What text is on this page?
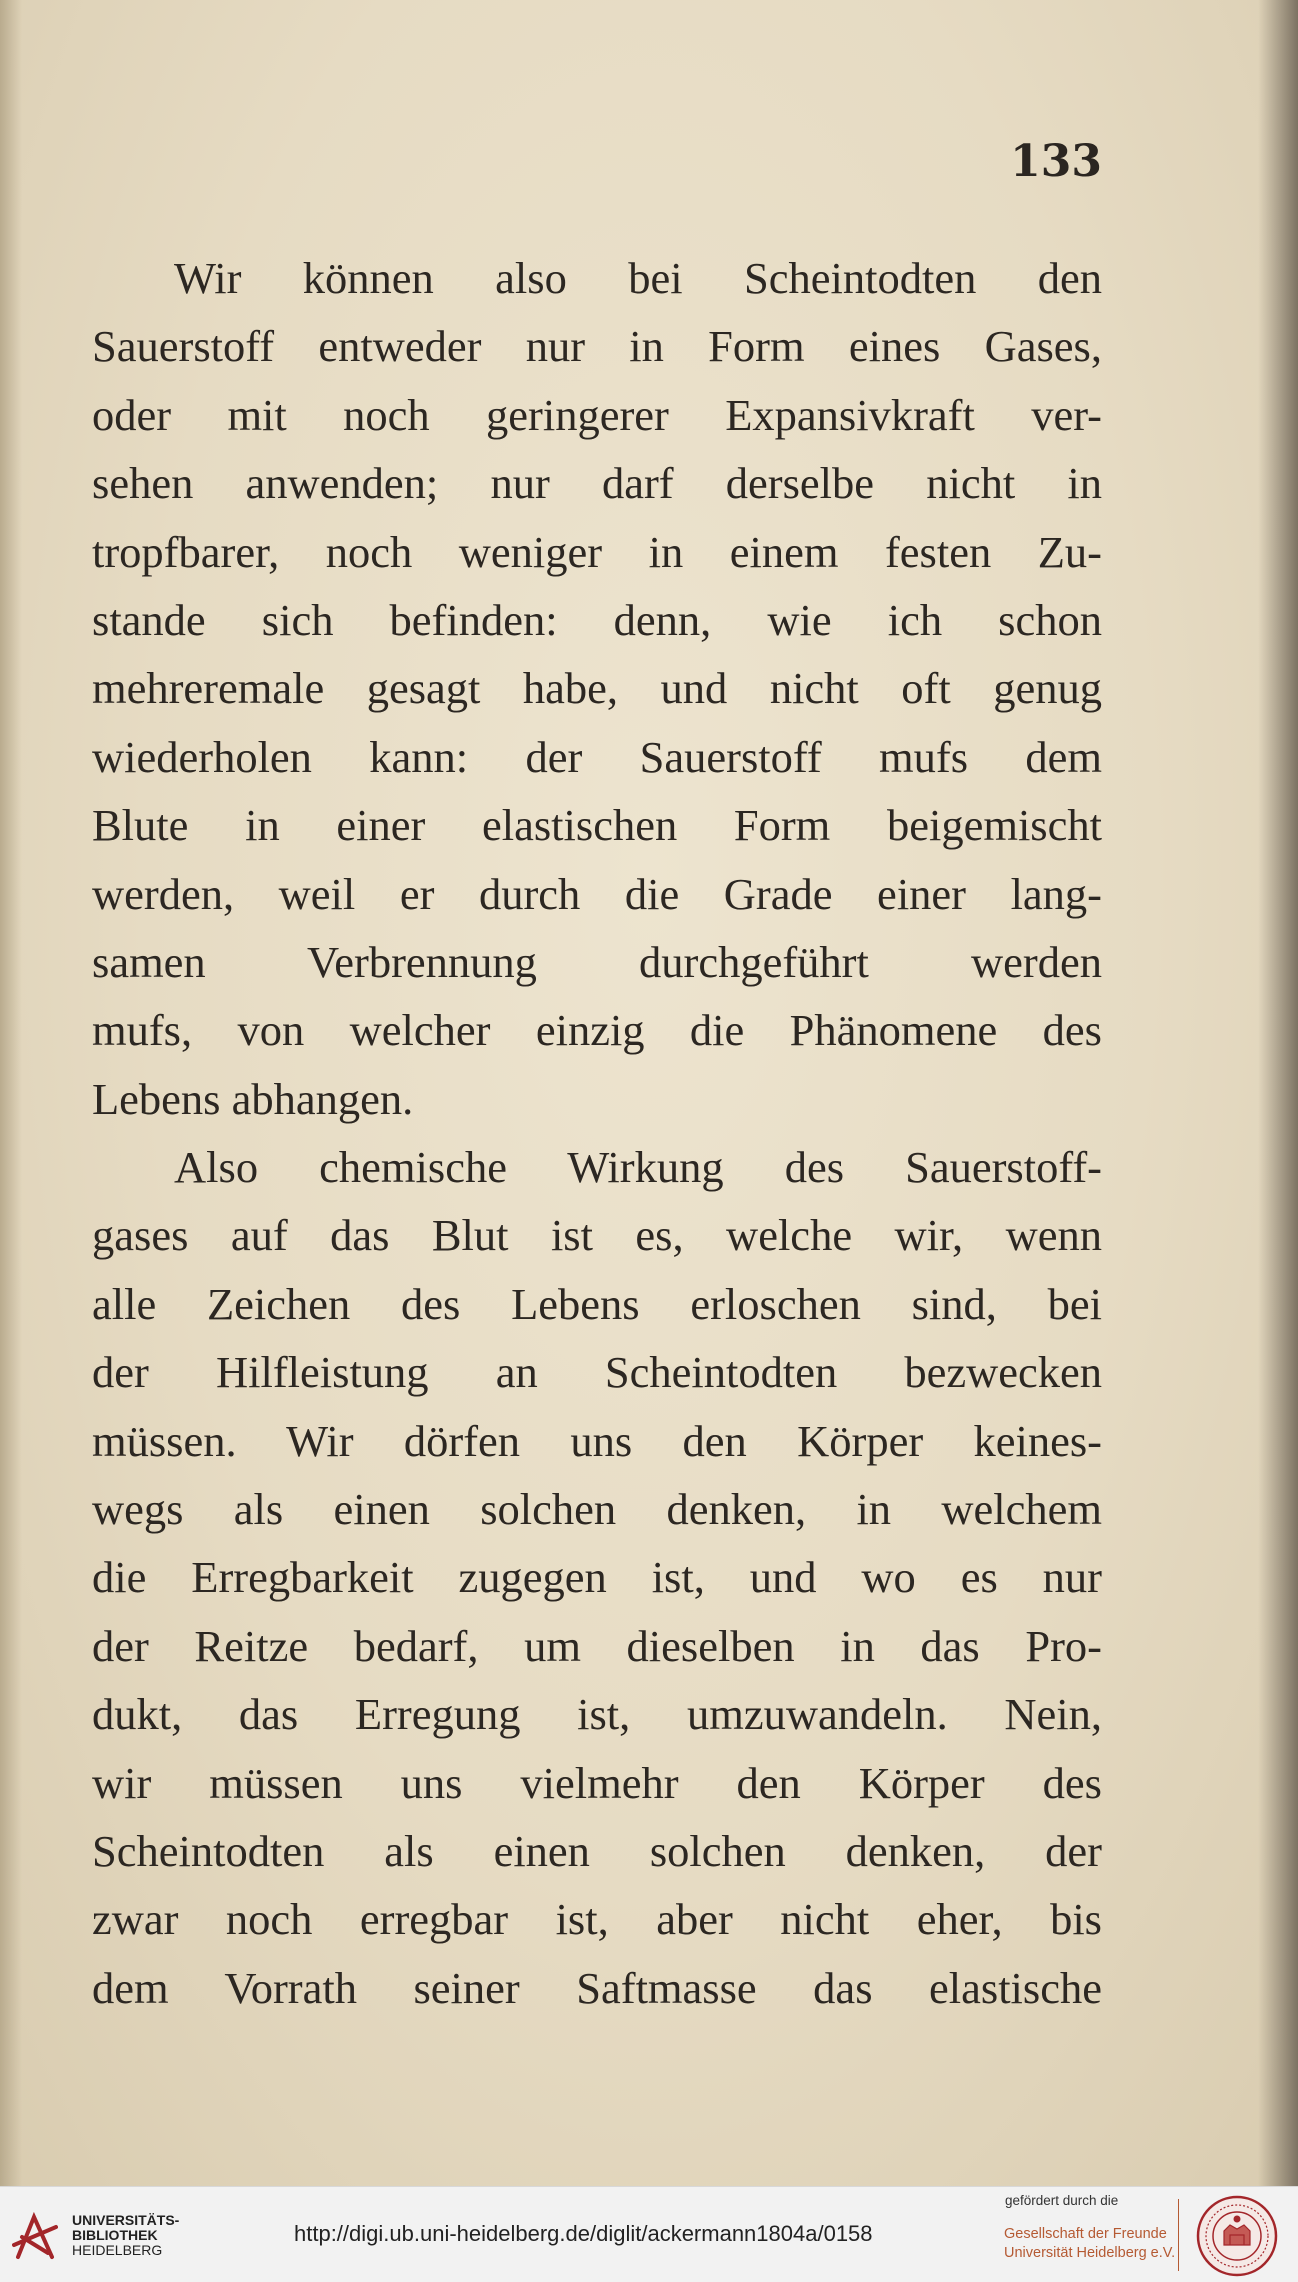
133

Wir können also bei Scheintodten den
Sauerstoff entweder nur in Form eines Gases,
oder mit noch geringerer Expansivkraft ver-
sehen anwenden; nur darf derselbe nicht in
tropfbarer, noch weniger in einem festen Zu-
stande sich befinden: denn, wie ich schon
mehreremale gesagt habe, und nicht oft genug
wiederholen kann: der Sauerstoff mufs dem
Blute in einer elastischen Form beigemischt
werden, weil er durch die Grade einer lang-
samen Verbrennung durchgeführt werden
mufs, von welcher einzig die Phänomene des
Lebens abhangen.
Also chemische Wirkung des Sauerstoff-
gases auf das Blut ist es, welche wir, wenn
alle Zeichen des Lebens erloschen sind, bei
der Hilfleistung an Scheintodten bezwecken
müssen. Wir dörfen uns den Körper keines-
wegs als einen solchen denken, in welchem
die Erregbarkeit zugegen ist, und wo es nur
der Reitze bedarf, um dieselben in das Pro-
dukt, das Erregung ist, umzuwandeln. Nein,
wir müssen uns vielmehr den Körper des
Scheintodten als einen solchen denken, der
zwar noch erregbar ist, aber nicht eher, bis
dem Vorrath seiner Saftmasse das elastische

UNIVERSITÄTS-
BIBLIOTHEK
HEIDELBERG

http://digi.ub.uni-heidelberg.de/diglit/ackermann1804a/0158

gefördert durch die

Gesellschaft der Freunde
Universität Heidelberg e.V.
